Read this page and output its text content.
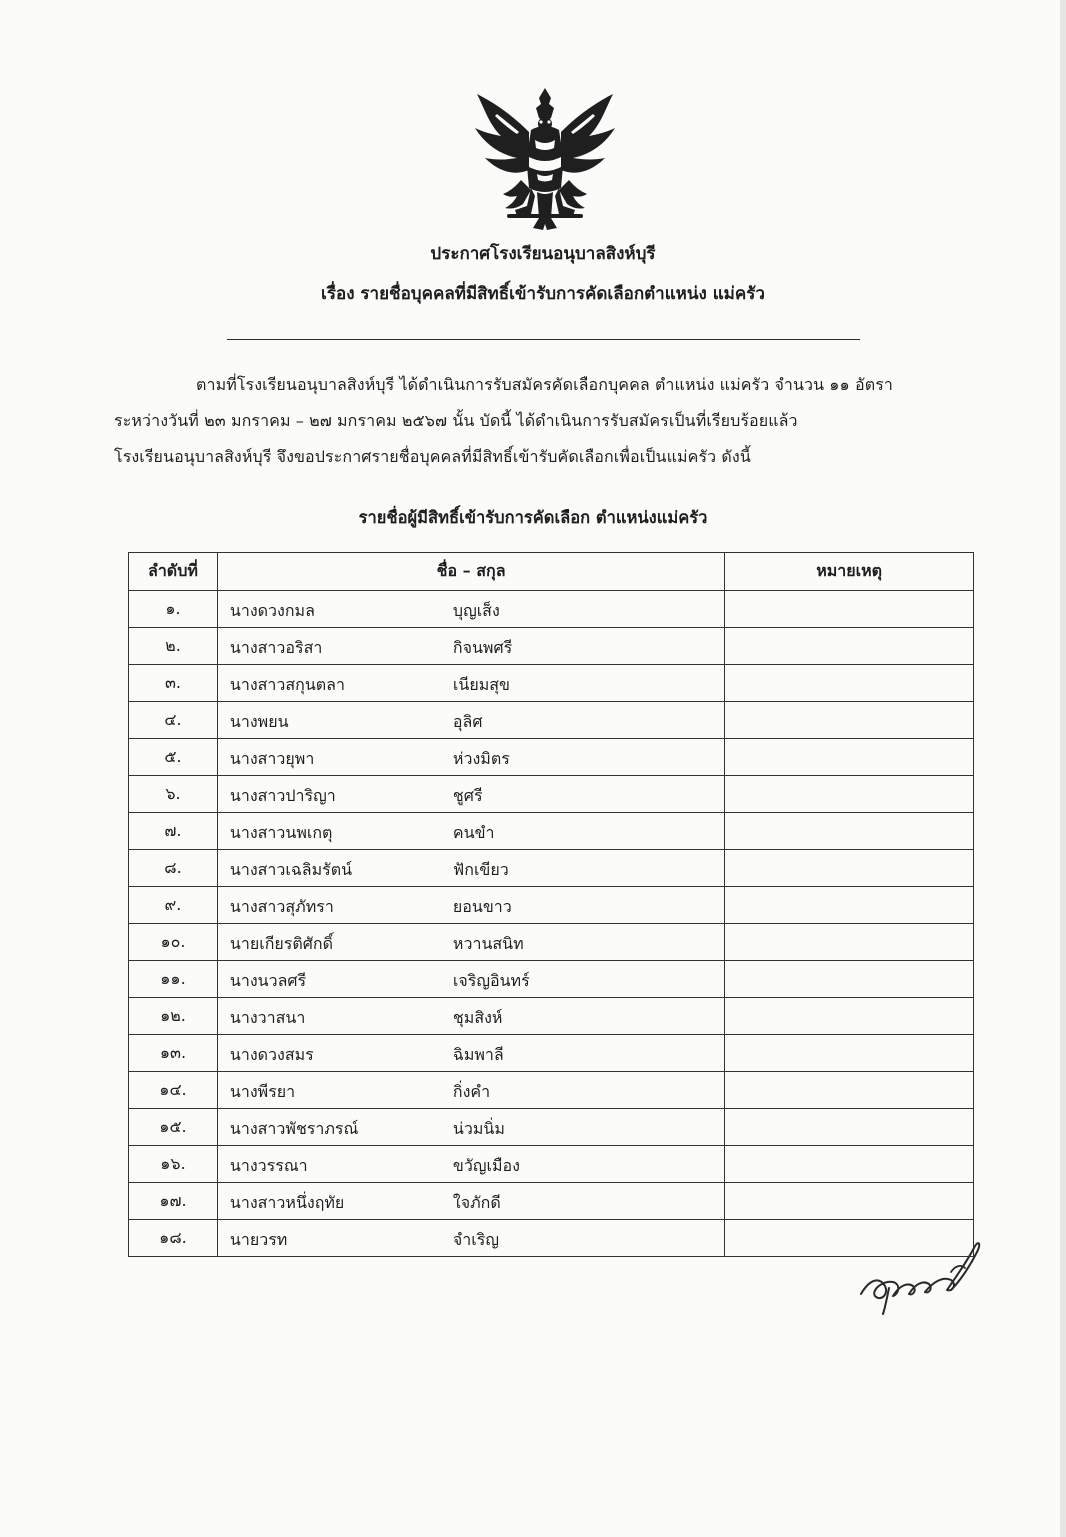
ประกาศโรงเรียนอนุบาลสิงห์บุรี
เรื่อง รายชื่อบุคคลที่มีสิทธิ์เข้ารับการคัดเลือกตำแหน่ง แม่ครัว
ตามที่โรงเรียนอนุบาลสิงห์บุรี ได้ดำเนินการรับสมัครคัดเลือกบุคคล ตำแหน่ง แม่ครัว จำนวน ๑๑ อัตรา
ระหว่างวันที่ ๒๓ มกราคม – ๒๗ มกราคม ๒๕๖๗ นั้น บัดนี้ ได้ดำเนินการรับสมัครเป็นที่เรียบร้อยแล้ว
โรงเรียนอนุบาลสิงห์บุรี จึงขอประกาศรายชื่อบุคคลที่มีสิทธิ์เข้ารับคัดเลือกเพื่อเป็นแม่ครัว ดังนี้
รายชื่อผู้มีสิทธิ์เข้ารับการคัดเลือก ตำแหน่งแม่ครัว
ลำดับที่	ชื่อ – สกุล	หมายเหตุ
๑.	นางดวงกมล บุญเส็ง	

๒.	นางสาวอริสา กิจนพศรี	

๓.	นางสาวสกุนตลา เนียมสุข	

๔.	นางพยน อุลิศ	

๕.	นางสาวยุพา ห่วงมิตร	

๖.	นางสาวปาริญา ชูศรี	

๗.	นางสาวนพเกตุ คนขำ	

๘.	นางสาวเฉลิมรัตน์ ฟักเขียว	

๙.	นางสาวสุภัทรา ยอนขาว	

๑๐.	นายเกียรติศักดิ์ หวานสนิท	

๑๑.	นางนวลศรี เจริญอินทร์	

๑๒.	นางวาสนา ชุมสิงห์	

๑๓.	นางดวงสมร ฉิมพาลี	

๑๔.	นางพีรยา กิ่งคำ	

๑๕.	นางสาวพัชราภรณ์ น่วมนิ่ม	

๑๖.	นางวรรณา ขวัญเมือง	

๑๗.	นางสาวหนึ่งฤทัย ใจภักดี	

๑๘.	นายวรท จำเริญ	
